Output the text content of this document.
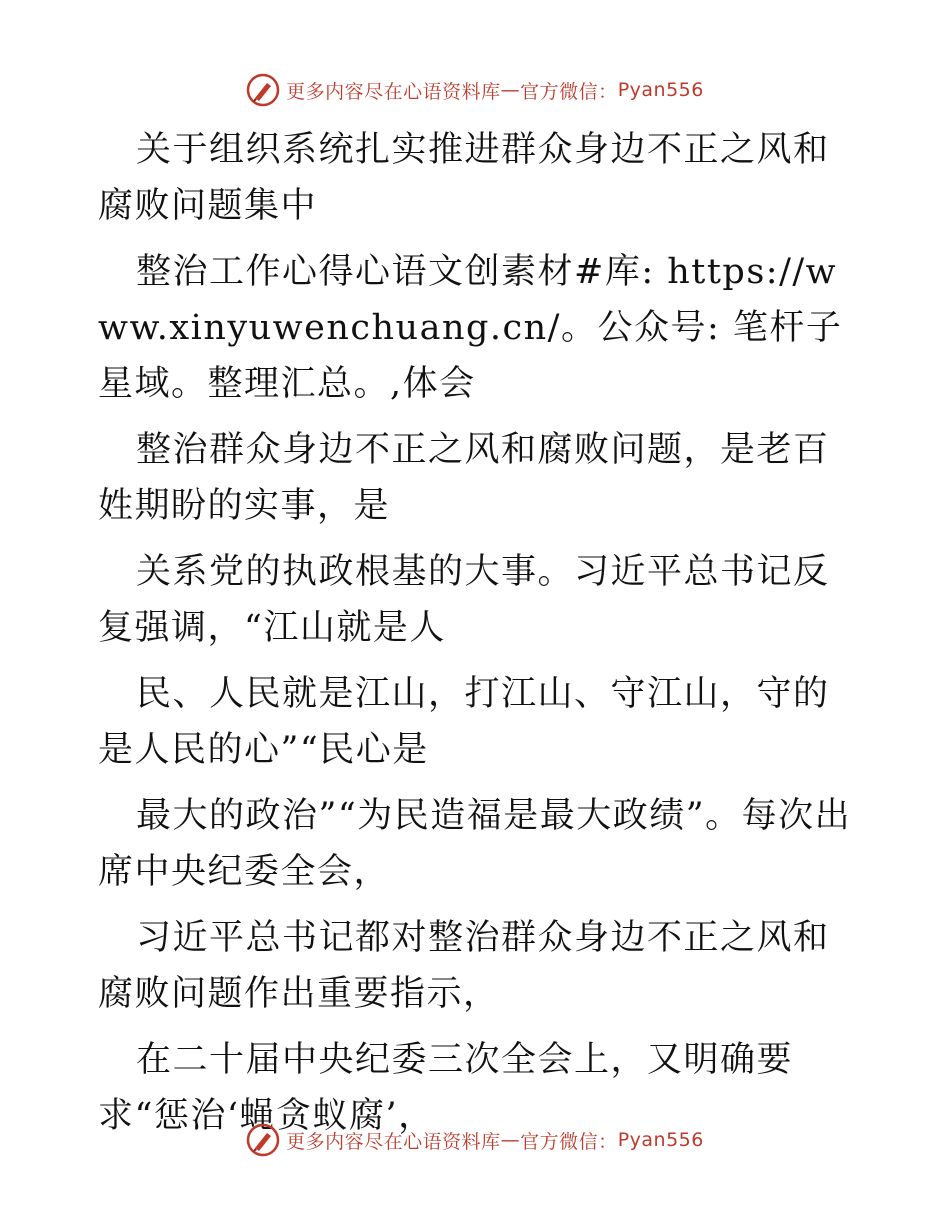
更多内容尽在心语资料库 — 官方微信： Pyan556

关于组织系统扎实推进群众身边不正之风和腐败问题集中

整治工作心得心语文创素材#库: https://www.xinyuwenchuang.cn/。公众号: 笔杆子星域。整理汇总。,体会

整治群众身边不正之风和腐败问题，是老百姓期盼的实事，是

关系党的执政根基的大事。习近平总书记反复强调，“江山就是人

民、人民就是江山，打江山、守江山，守的是人民的心”“民心是

最大的政治”“为民造福是最大政绩”。每次出席中央纪委全会，

习近平总书记都对整治群众身边不正之风和腐败问题作出重要指示，

在二十届中央纪委三次全会上，又明确要求“惩治‘蝇贪蚁腐’，

更多内容尽在心语资料库 — 官方微信： Pyan556
